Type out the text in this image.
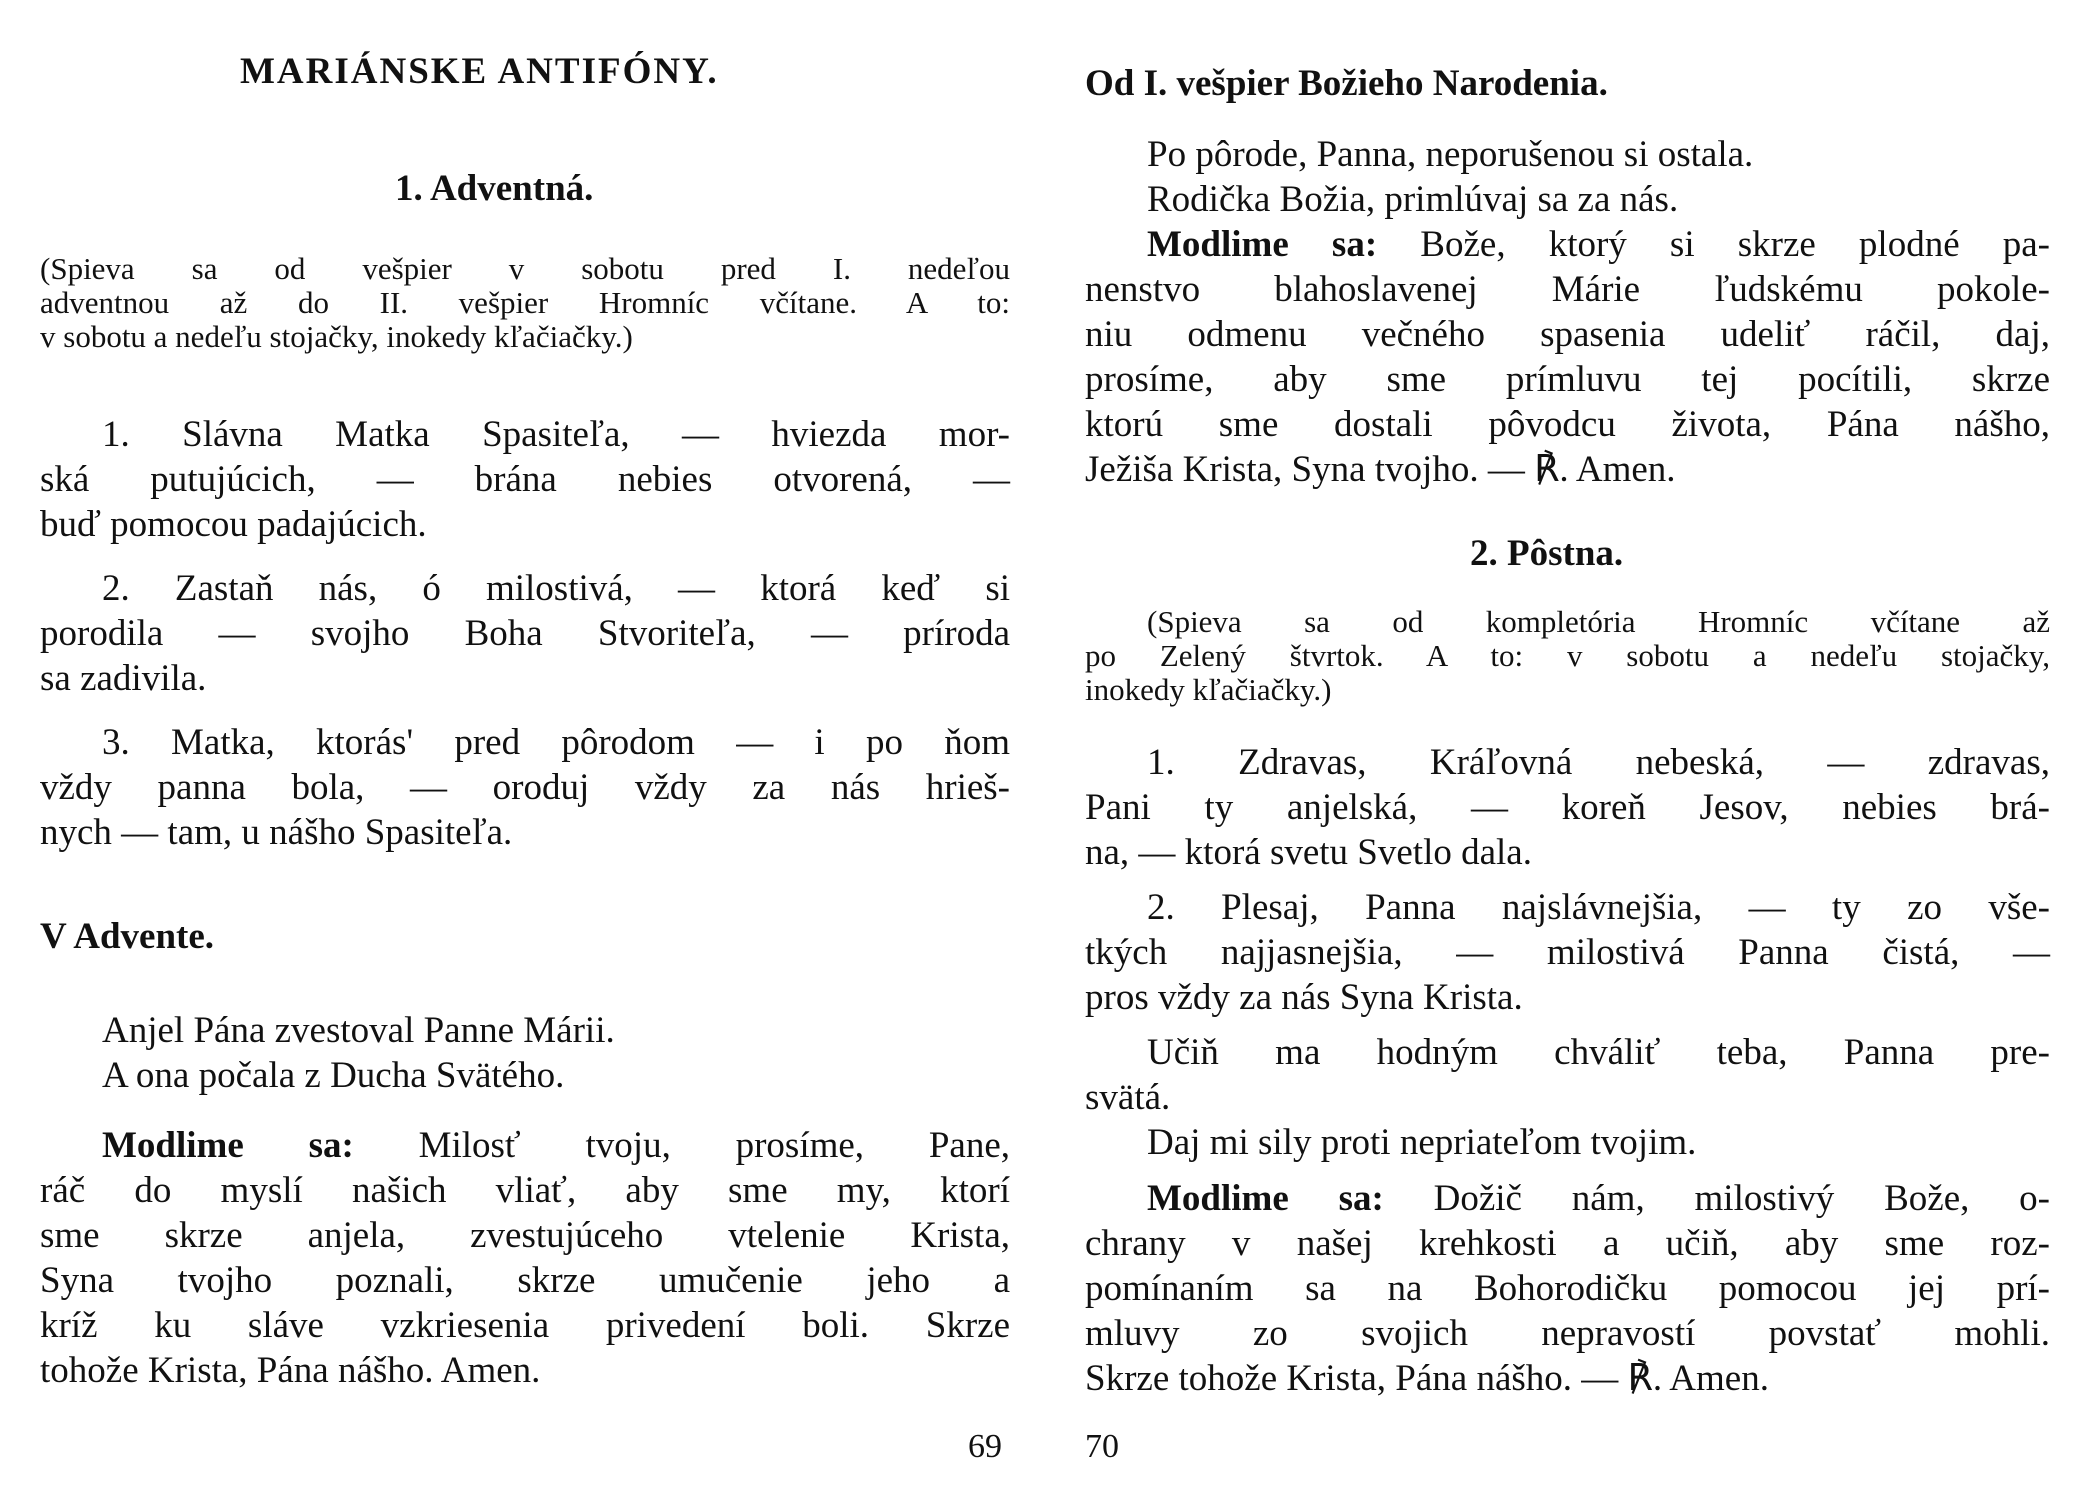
MARIÁNSKE ANTIFÓNY.
1. Adventná.
(Spieva sa od vešpier v sobotu pred I. nedeľou
adventnou až do II. vešpier Hromníc včítane. A to:
v sobotu a nedeľu stojačky, inokedy kľačiačky.)
1. Slávna Matka Spasiteľa, — hviezda mor-
ská putujúcich, — brána nebies otvorená, —
buď pomocou padajúcich.
2. Zastaň nás, ó milostivá, — ktorá keď si
porodila — svojho Boha Stvoriteľa, — príroda
sa zadivila.
3. Matka, ktorás' pred pôrodom — i po ňom
vždy panna bola, — oroduj vždy za nás hrieš-
nych — tam, u nášho Spasiteľa.
V Advente.
Anjel Pána zvestoval Panne Márii.
A ona počala z Ducha Svätého.
Modlime sa: Milosť tvoju, prosíme, Pane,
ráč do myslí našich vliať, aby sme my, ktorí
sme skrze anjela, zvestujúceho vtelenie Krista,
Syna tvojho poznali, skrze umučenie jeho a
kríž ku sláve vzkriesenia privedení boli. Skrze
tohože Krista, Pána nášho. Amen.
69
Od I. vešpier Božieho Narodenia.
Po pôrode, Panna, neporušenou si ostala.
Rodička Božia, primlúvaj sa za nás.
Modlime sa: Bože, ktorý si skrze plodné pa-
nenstvo blahoslavenej Márie ľudskému pokole-
niu odmenu večného spasenia udeliť ráčil, daj,
prosíme, aby sme prímluvu tej pocítili, skrze
ktorú sme dostali pôvodcu života, Pána nášho,
Ježiša Krista, Syna tvojho. — ℟. Amen.
2. Pôstna.
(Spieva sa od kompletória Hromníc včítane až
po Zelený štvrtok. A to: v sobotu a nedeľu stojačky,
inokedy kľačiačky.)
1. Zdravas, Kráľovná nebeská, — zdravas,
Pani ty anjelská, — koreň Jesov, nebies brá-
na, — ktorá svetu Svetlo dala.
2. Plesaj, Panna najslávnejšia, — ty zo vše-
tkých najjasnejšia, — milostivá Panna čistá, —
pros vždy za nás Syna Krista.
Učiň ma hodným chváliť teba, Panna pre-
svätá.
Daj mi sily proti nepriateľom tvojim.
Modlime sa: Dožič nám, milostivý Bože, o-
chrany v našej krehkosti a učiň, aby sme roz-
pomínaním sa na Bohorodičku pomocou jej prí-
mluvy zo svojich nepravostí povstať mohli.
Skrze tohože Krista, Pána nášho. — ℟. Amen.
70
